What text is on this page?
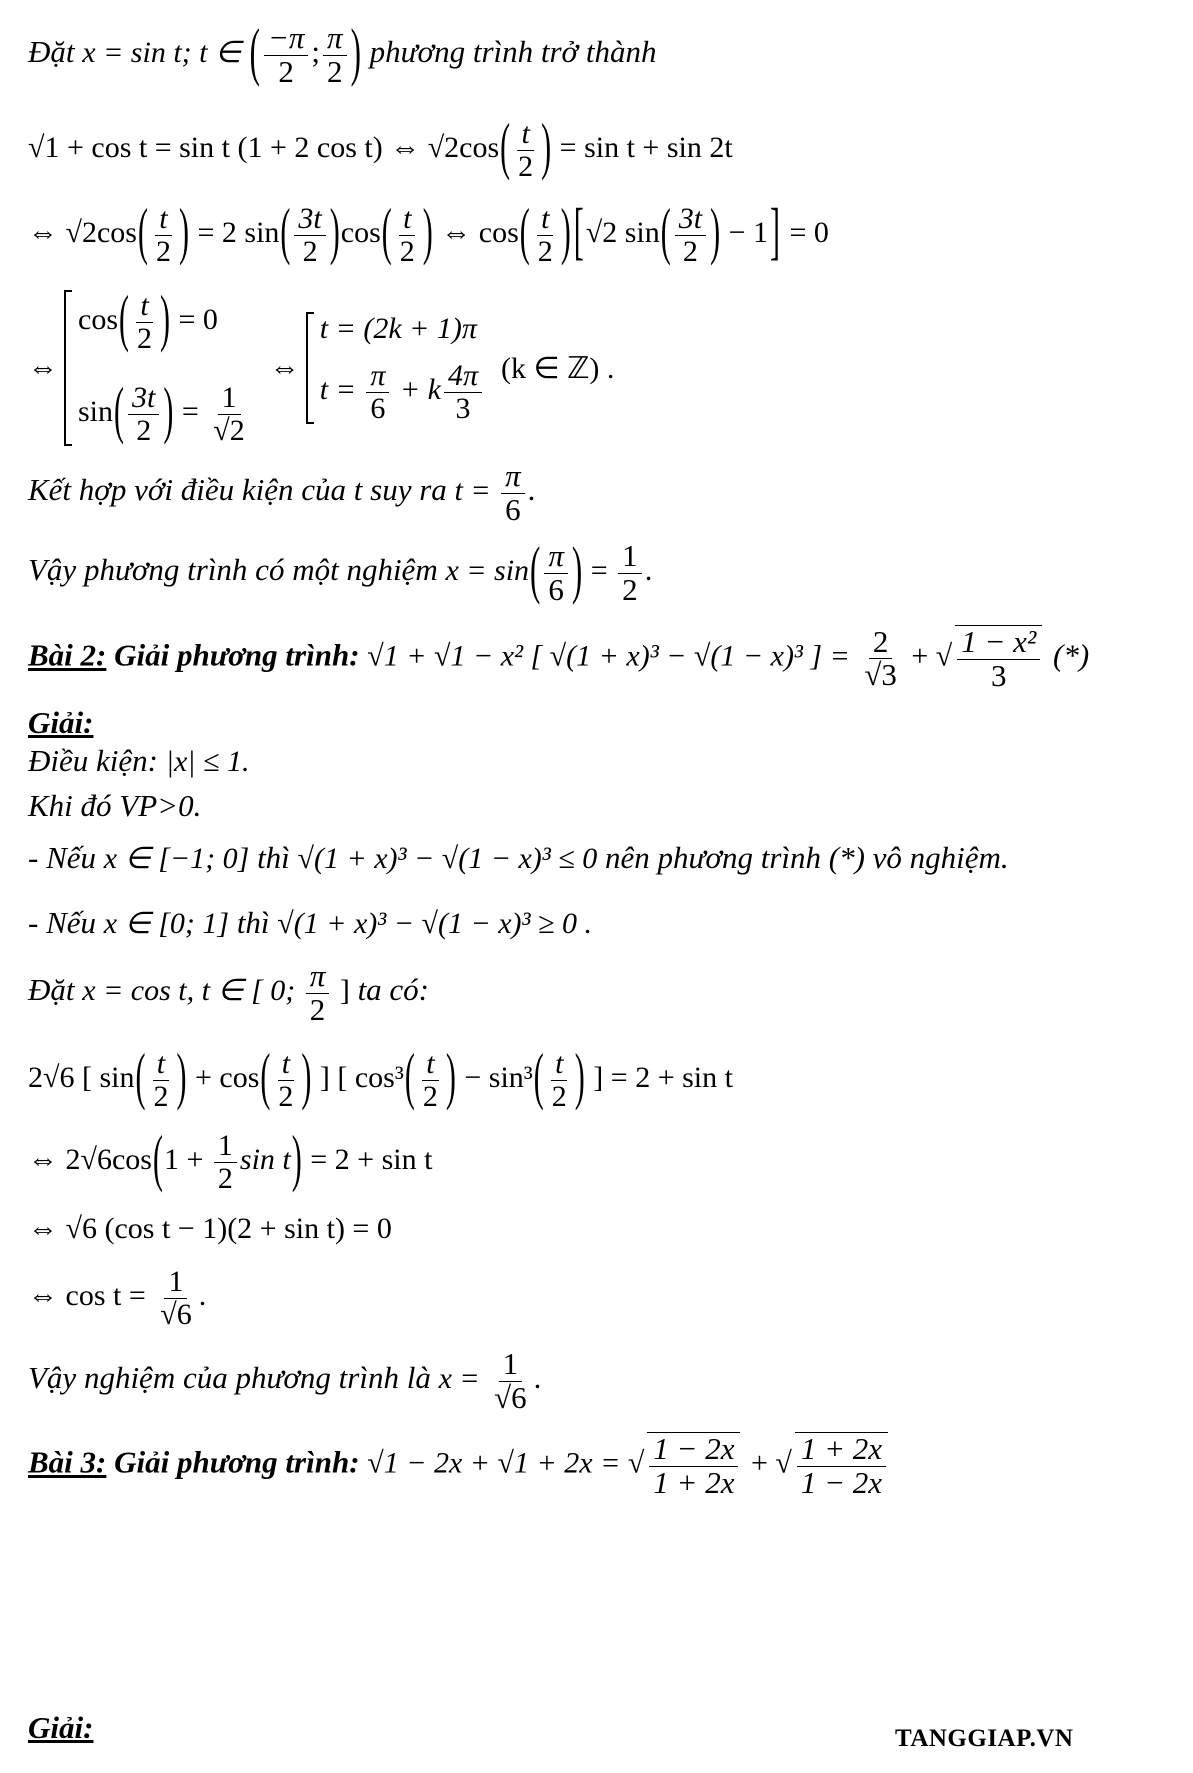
Đặt x = sin t; t ∈ ( $\frac{-\pi}{2}$ ; $\frac{\pi}{2}$ ) phương trình trở thành
√1 + cos t = sin t (1 + 2 cos t) ⇔ $√2\cos( \frac{t}{2}$ ) = sin t + sin 2t
⇔ $√2\cos( \frac{t}{2}$ ) = 2 $\sin( \frac{3t}{2} )\cos( \frac{t}{2}$ ) ⇔ $\cos( \frac{t}{2}$ ) [√2 $\sin( \frac{3t}{2}$ ) − 1] = 0
⇔
$\cos( \frac{t}{2}$ ) = 0
$\sin( \frac{3t}{2}$ ) = $\frac{1}{√2}$
⇔
t = (2k + 1)π
$t = \frac{\pi}{6} + k \frac{4\pi}{3} (k$ ∈ ℤ) .
Kết hợp với điều kiện của t suy ra $t = \frac{\pi}{6}$ .
Vậy phương trình có một nghiệm $x = \sin( \frac{\pi}{6}$ ) = $\frac{1}{2}$ .
Bài 2: Giải phương trình: √1 + √1 − x² [ √(1 + x)³ − √(1 − x)³ ] = $\frac{2}{√3}$ + √ $\frac{\text{1 − x²}}{3}$ (*)
Giải:
Điều kiện: |x| ≤ 1.
Khi đó VP>0.
- Nếu x ∈ [−1; 0] thì √(1 + x)³ − √(1 − x)³ ≤ 0 nên phương trình (*) vô nghiệm.
- Nếu x ∈ [0; 1] thì √(1 + x)³ − √(1 − x)³ ≥ 0 .
Đặt x = cos t, t ∈ [ 0; $\frac{\pi}{2}$ ] ta có:
2√6 [ $\sin( \frac{t}{2}$ ) + $\cos( \frac{t}{2}$ ) ] [ $\cos^3( \frac{t}{2}$ ) − $\sin^3( \frac{t}{2}$ ) ] = 2 + sin t
⇔ $2√6\cos(1 + \frac{1}{2}$ sin t) = 2 + sin t
⇔ √6 (cos t − 1)(2 + sin t) = 0
⇔ $\cos t = \frac{1}{√6}$ .
Vậy nghiệm của phương trình là $x = \frac{1}{√6}$ .
Bài 3: Giải phương trình: √1 − 2x + √1 + 2x = √ $\frac{1 - 2x}{1 + 2x}$ + √ $\frac{1 + 2x}{1 - 2x}$
Giải:	TANGGIAP.VN
